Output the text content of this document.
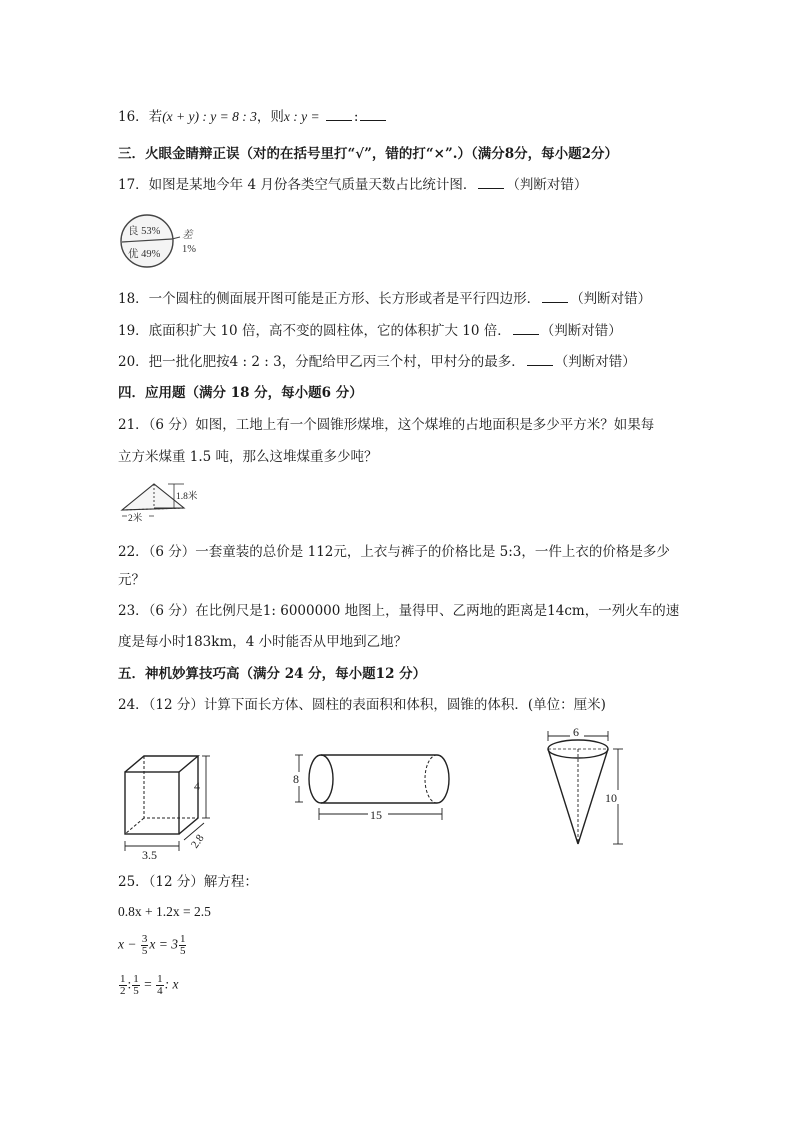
16．若(x + y) : y = 8 : 3，则x : y =	:
三．火眼金睛辩正误（对的在括号里打“√”，错的打“×”.）（满分8分，每小题2分）
17．如图是某地今年 4 月份各类空气质量天数占比统计图． （判断对错）
良 53%
优 49%
差
1%
18．一个圆柱的侧面展开图可能是正方形、长方形或者是平行四边形． （判断对错）
19．底面积扩大 10 倍，高不变的圆柱体，它的体积扩大 10 倍． （判断对错）
20．把一批化肥按4 : 2 : 3，分配给甲乙丙三个村，甲村分的最多． （判断对错）
四．应用题（满分 18 分，每小题6 分）
21．（6 分）如图，工地上有一个圆锥形煤堆，这个煤堆的占地面积是多少平方米？如果每
立方米煤重 1.5 吨，那么这堆煤重多少吨？
1.8米
2米
22．（6 分）一套童装的总价是 112元，上衣与裤子的价格比是 5:3，一件上衣的价格是多少
元？
23．（6 分）在比例尺是1: 6000000 地图上，量得甲、乙两地的距离是14cm，一列火车的速
度是每小时183km，4 小时能否从甲地到乙地？
五．神机妙算技巧高（满分 24 分，每小题12 分）
24．（12 分）计算下面长方体、圆柱的表面积和体积，圆锥的体积．(单位：厘米)
4
2.8
3.5
8
15
6
10
25．（12 分）解方程：
0.8x + 1.2x = 2.5
$x - \frac{3}{5}$ $x = 3 \frac{1}{5}$
$\frac{1}{2}$ : $\frac{1}{5} = \frac{1}{4}$ : x
